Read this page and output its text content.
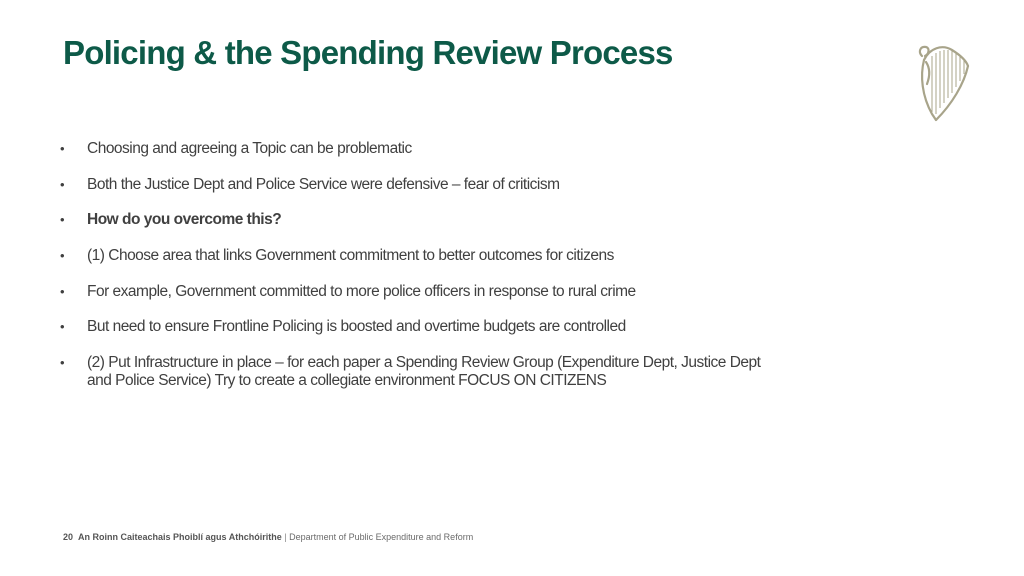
Policing & the Spending Review Process
• Choosing and agreeing a Topic can be problematic
• Both the Justice Dept and Police Service were defensive – fear of criticism
• How do you overcome this?
• (1) Choose area that links Government commitment to better outcomes for citizens
• For example, Government committed to more police officers in response to rural crime
• But need to ensure Frontline Policing is boosted and overtime budgets are controlled
• (2) Put Infrastructure in place – for each paper a Spending Review Group (Expenditure Dept, Justice Dept and Police Service) Try to create a collegiate environment FOCUS ON CITIZENS
20 An Roinn Caiteachais Phoiblí agus Athchóirithe | Department of Public Expenditure and Reform
